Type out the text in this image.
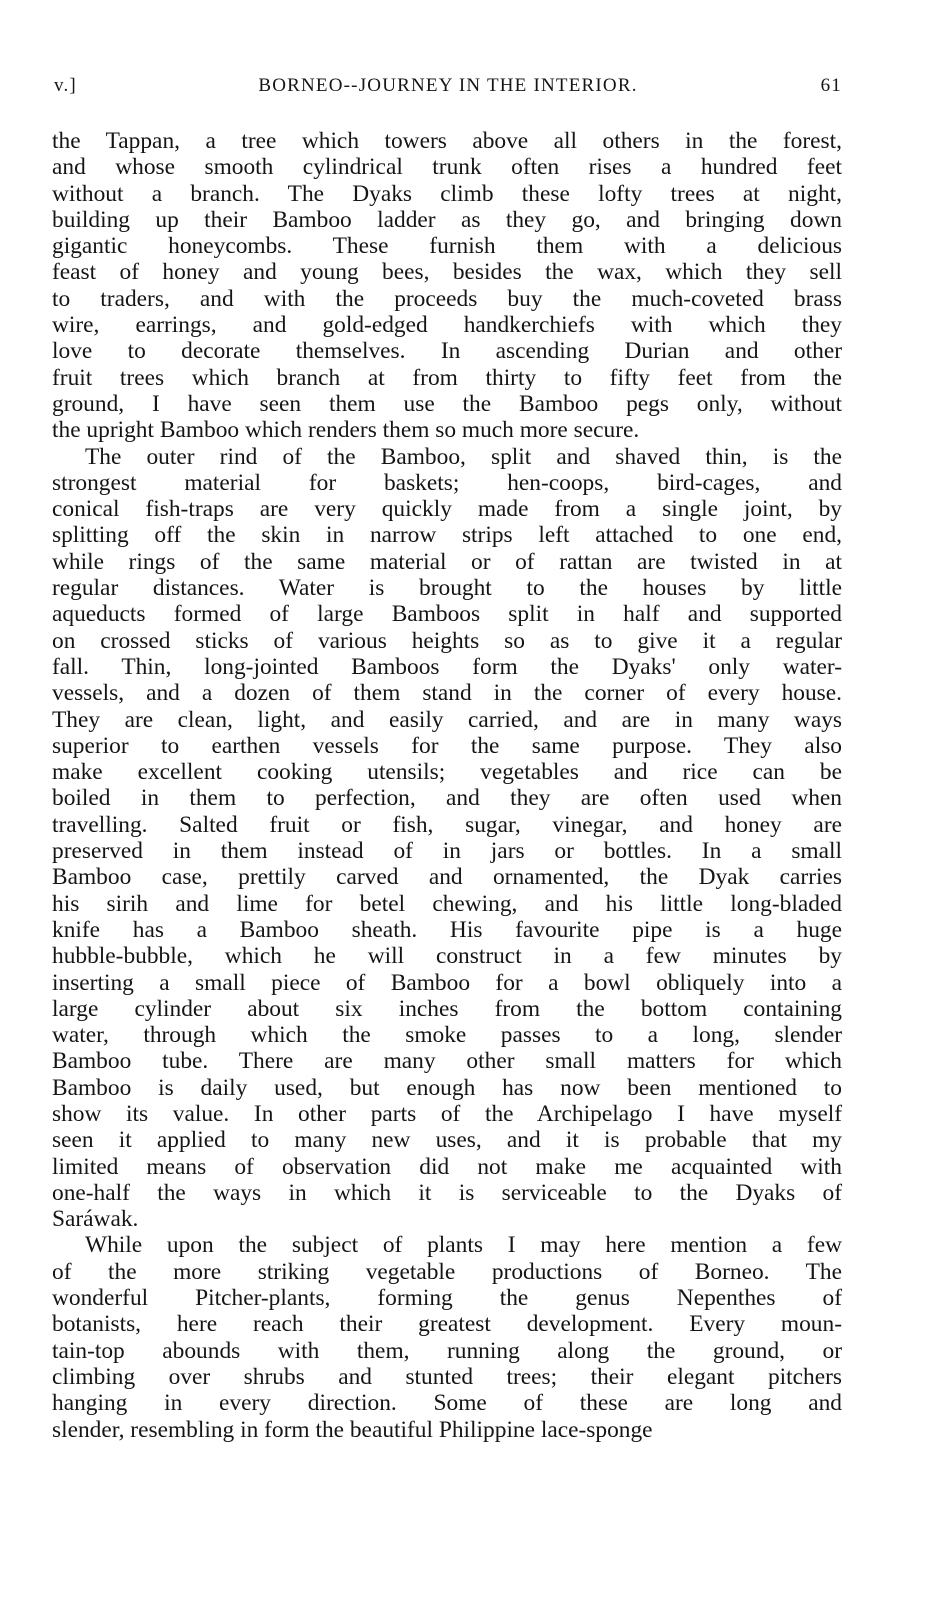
v.]	BORNEO--JOURNEY IN THE INTERIOR.	61
the Tappan, a tree which towers above all others in the forest,
and whose smooth cylindrical trunk often rises a hundred feet
without a branch. The Dyaks climb these lofty trees at night,
building up their Bamboo ladder as they go, and bringing down
gigantic honeycombs. These furnish them with a delicious
feast of honey and young bees, besides the wax, which they sell
to traders, and with the proceeds buy the much-coveted brass
wire, earrings, and gold-edged handkerchiefs with which they
love to decorate themselves. In ascending Durian and other
fruit trees which branch at from thirty to fifty feet from the
ground, I have seen them use the Bamboo pegs only, without
the upright Bamboo which renders them so much more secure.
The outer rind of the Bamboo, split and shaved thin, is the
strongest material for baskets; hen-coops, bird-cages, and
conical fish-traps are very quickly made from a single joint, by
splitting off the skin in narrow strips left attached to one end,
while rings of the same material or of rattan are twisted in at
regular distances. Water is brought to the houses by little
aqueducts formed of large Bamboos split in half and supported
on crossed sticks of various heights so as to give it a regular
fall. Thin, long-jointed Bamboos form the Dyaks' only water-
vessels, and a dozen of them stand in the corner of every house.
They are clean, light, and easily carried, and are in many ways
superior to earthen vessels for the same purpose. They also
make excellent cooking utensils; vegetables and rice can be
boiled in them to perfection, and they are often used when
travelling. Salted fruit or fish, sugar, vinegar, and honey are
preserved in them instead of in jars or bottles. In a small
Bamboo case, prettily carved and ornamented, the Dyak carries
his sirih and lime for betel chewing, and his little long-bladed
knife has a Bamboo sheath. His favourite pipe is a huge
hubble-bubble, which he will construct in a few minutes by
inserting a small piece of Bamboo for a bowl obliquely into a
large cylinder about six inches from the bottom containing
water, through which the smoke passes to a long, slender
Bamboo tube. There are many other small matters for which
Bamboo is daily used, but enough has now been mentioned to
show its value. In other parts of the Archipelago I have myself
seen it applied to many new uses, and it is probable that my
limited means of observation did not make me acquainted with
one-half the ways in which it is serviceable to the Dyaks of
Saráwak.
While upon the subject of plants I may here mention a few
of the more striking vegetable productions of Borneo. The
wonderful Pitcher-plants, forming the genus Nepenthes of
botanists, here reach their greatest development. Every moun-
tain-top abounds with them, running along the ground, or
climbing over shrubs and stunted trees; their elegant pitchers
hanging in every direction. Some of these are long and
slender, resembling in form the beautiful Philippine lace-sponge
